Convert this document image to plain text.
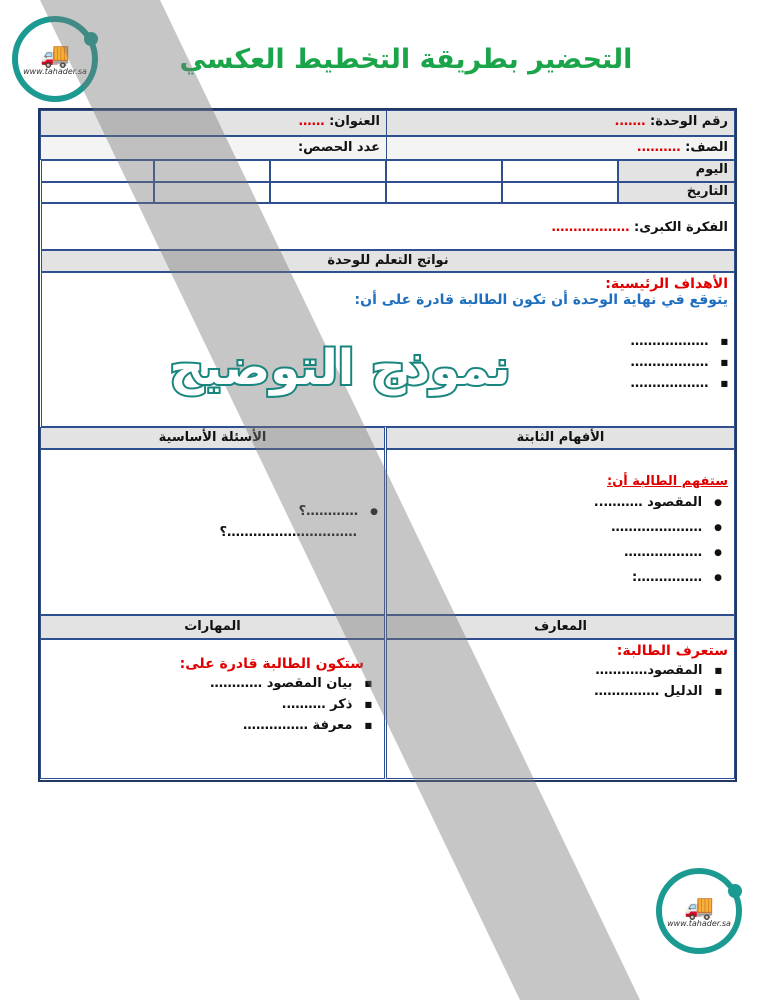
🚚
www.tahader.sa
🚚
www.tahader.sa
التحضير بطريقة التخطيط العكسي
رقم الوحدة: …….
العنوان: ……
الصف: ……….
عدد الحصص:
اليوم
التاريخ
الفكرة الكبرى: ………………
نواتج التعلم للوحدة
الأهداف الرئيسية:
يتوقع في نهاية الوحدة أن تكون الطالبة قادرة على أن:
■ ………………
■ ………………
■ ………………
الأفهام الثابتة
الأسئلة الأساسية
ستفهم الطالبة أن:
● المقصود ………..
● …………………
● ………………
● ……………:
● …………؟
…………………………؟
المعارف
المهارات
ستعرف الطالبة:
■ المقصود…………
■ الدليل ……………
ستكون الطالبة قادرة على:
■ بيان المقصود …………
■ ذكر ……….
■ معرفة ……………
نموذج التوضيح
